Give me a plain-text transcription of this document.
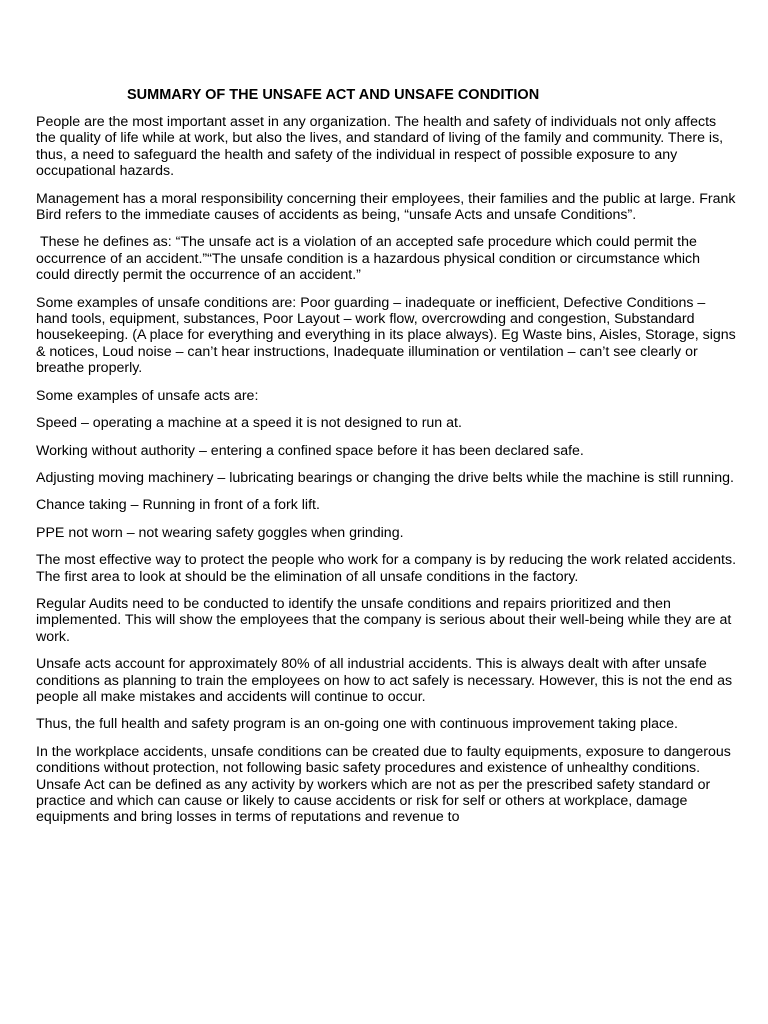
SUMMARY OF THE UNSAFE ACT AND UNSAFE CONDITION

People are the most important asset in any organization. The health and safety of individuals not only affects the quality of life while at work, but also the lives, and standard of living of the family and community. There is, thus, a need to safeguard the health and safety of the individual in respect of possible exposure to any occupational hazards.

Management has a moral responsibility concerning their employees, their families and the public at large. Frank Bird refers to the immediate causes of accidents as being, “unsafe Acts and unsafe Conditions”.

These he defines as: “The unsafe act is a violation of an accepted safe procedure which could permit the occurrence of an accident.”“The unsafe condition is a hazardous physical condition or circumstance which could directly permit the occurrence of an accident.”

Some examples of unsafe conditions are: Poor guarding – inadequate or inefficient, Defective Conditions – hand tools, equipment, substances, Poor Layout – work flow, overcrowding and congestion, Substandard housekeeping. (A place for everything and everything in its place always). Eg Waste bins, Aisles, Storage, signs & notices, Loud noise – can’t hear instructions, Inadequate illumination or ventilation – can’t see clearly or breathe properly.

Some examples of unsafe acts are:

Speed – operating a machine at a speed it is not designed to run at.

Working without authority – entering a confined space before it has been declared safe.

Adjusting moving machinery – lubricating bearings or changing the drive belts while the machine is still running.

Chance taking – Running in front of a fork lift.

PPE not worn – not wearing safety goggles when grinding.

The most effective way to protect the people who work for a company is by reducing the work related accidents. The first area to look at should be the elimination of all unsafe conditions in the factory.

Regular Audits need to be conducted to identify the unsafe conditions and repairs prioritized and then implemented. This will show the employees that the company is serious about their well-being while they are at work.

Unsafe acts account for approximately 80% of all industrial accidents. This is always dealt with after unsafe conditions as planning to train the employees on how to act safely is necessary. However, this is not the end as people all make mistakes and accidents will continue to occur.

Thus, the full health and safety program is an on-going one with continuous improvement taking place.

In the workplace accidents, unsafe conditions can be created due to faulty equipments, exposure to dangerous conditions without protection, not following basic safety procedures and existence of unhealthy conditions. Unsafe Act can be defined as any activity by workers which are not as per the prescribed safety standard or practice and which can cause or likely to cause accidents or risk for self or others at workplace, damage equipments and bring losses in terms of reputations and revenue to
